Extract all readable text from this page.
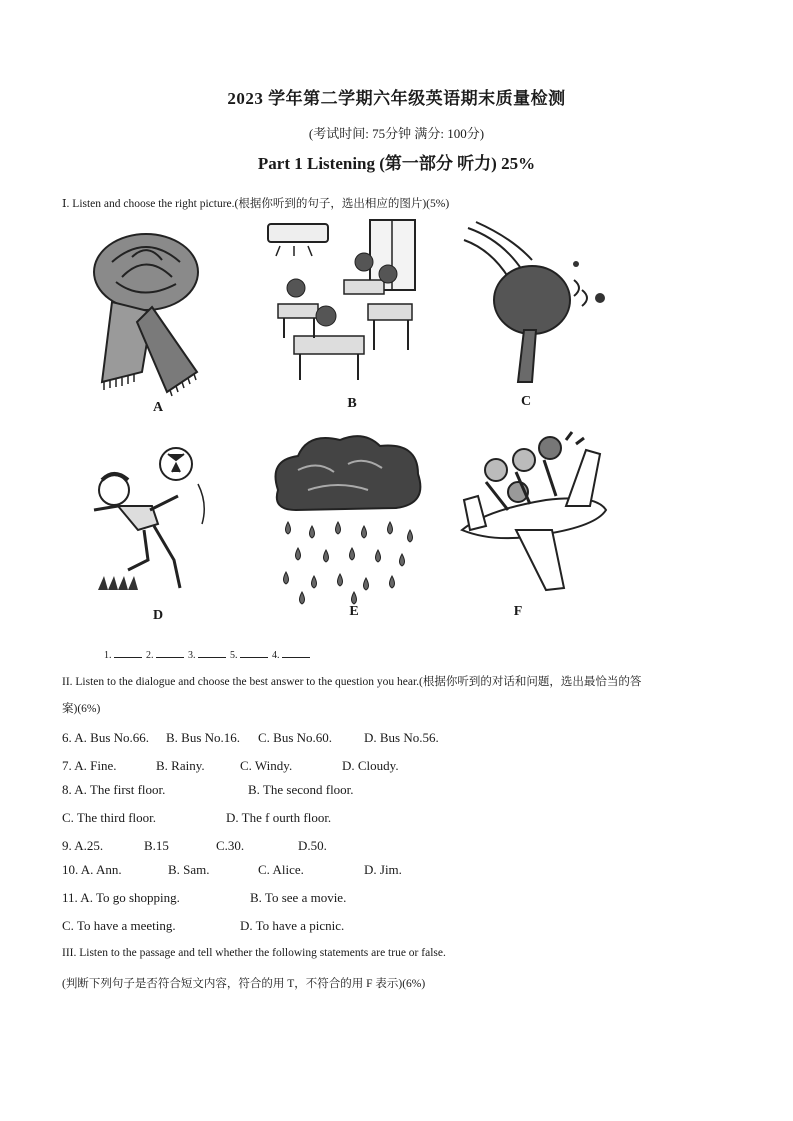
2023 学年第二学期六年级英语期末质量检测
(考试时间: 75分钟 满分: 100分)
Part 1 Listening (第一部分 听力) 25%
Ⅰ. Listen and choose the right picture.(根据你听到的句子，选出相应的图片)(5%)
A	B	C
D	E	F
1.	2.	3.	5.	4.
II. Listen to the dialogue and choose the best answer to the question you hear.(根据你听到的对话和问题，选出最恰当的答
案)(6%)
6. A. Bus No.66. B. Bus No.16. C. Bus No.60. D. Bus No.56.
7. A. Fine.	B. Rainy.	C. Windy.	D. Cloudy.
8. A. The first floor.	B. The second floor.
C. The third floor.	D. The f ourth floor.
9. A.25.	B.15	C.30.	D.50.
10. A. Ann.	B. Sam.	C. Alice.	D. Jim.
11. A. To go shopping.	B. To see a movie.
C. To have a meeting.	D. To have a picnic.
III. Listen to the passage and tell whether the following statements are true or false.
(判断下列句子是否符合短文内容，符合的用 T，不符合的用 F 表示)(6%)
